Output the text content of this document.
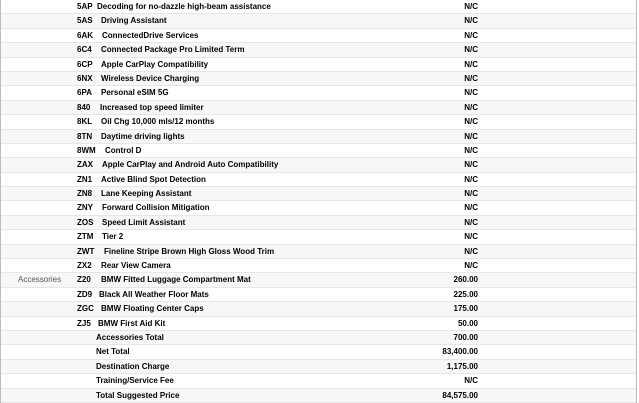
5AP Decoding for no-dazzle high-beam assistance	N/C
5AS Driving Assistant	N/C
6AK ConnectedDrive Services	N/C
6C4 Connected Package Pro Limited Term	N/C
6CP Apple CarPlay Compatibility	N/C
6NX Wireless Device Charging	N/C
6PA Personal eSIM 5G	N/C
840 Increased top speed limiter	N/C
8KL Oil Chg 10,000 mls/12 months	N/C
8TN Daytime driving lights	N/C
8WM Control D	N/C
ZAX Apple CarPlay and Android Auto Compatibility	N/C
ZN1 Active Blind Spot Detection	N/C
ZN8 Lane Keeping Assistant	N/C
ZNY Forward Collision Mitigation	N/C
ZOS Speed Limit Assistant	N/C
ZTM Tier 2	N/C
ZWT Fineline Stripe Brown High Gloss Wood Trim	N/C
ZX2 Rear View Camera	N/C
Accessories Z20 BMW Fitted Luggage Compartment Mat	260.00
ZD9 Black All Weather Floor Mats	225.00
ZGC BMW Floating Center Caps	175.00
ZJ5 BMW First Aid Kit	50.00
Accessories Total	700.00
Net Total	83,400.00
Destination Charge	1,175.00
Training/Service Fee	N/C
Total Suggested Price	84,575.00
